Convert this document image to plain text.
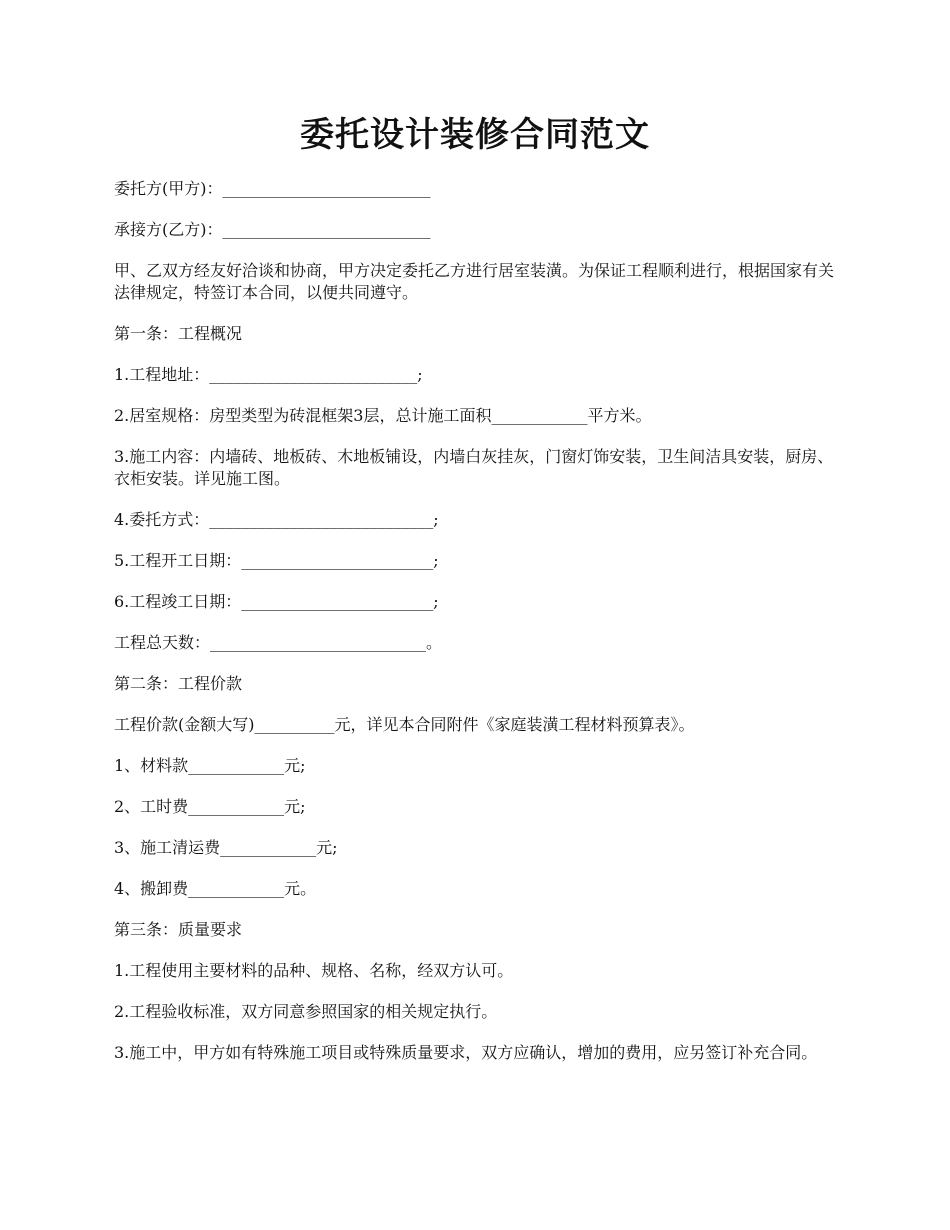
委托设计装修合同范文

委托方(甲方)：__________________________

承接方(乙方)：__________________________

甲、乙双方经友好洽谈和协商，甲方决定委托乙方进行居室装潢。为保证工程顺利进行，根据国家有关法律规定，特签订本合同，以便共同遵守。

第一条：工程概况

1.工程地址：__________________________;

2.居室规格：房型类型为砖混框架3层，总计施工面积____________平方米。

3.施工内容：内墙砖、地板砖、木地板铺设，内墙白灰挂灰，门窗灯饰安装，卫生间洁具安装，厨房、衣柜安装。详见施工图。

4.委托方式：____________________________;

5.工程开工日期：________________________;

6.工程竣工日期：________________________;

工程总天数：___________________________。

第二条：工程价款

工程价款(金额大写)__________元，详见本合同附件《家庭装潢工程材料预算表》。

1、材料款____________元;

2、工时费____________元;

3、施工清运费____________元;

4、搬卸费____________元。

第三条：质量要求

1.工程使用主要材料的品种、规格、名称，经双方认可。

2.工程验收标准，双方同意参照国家的相关规定执行。

3.施工中，甲方如有特殊施工项目或特殊质量要求，双方应确认，增加的费用，应另签订补充合同。
